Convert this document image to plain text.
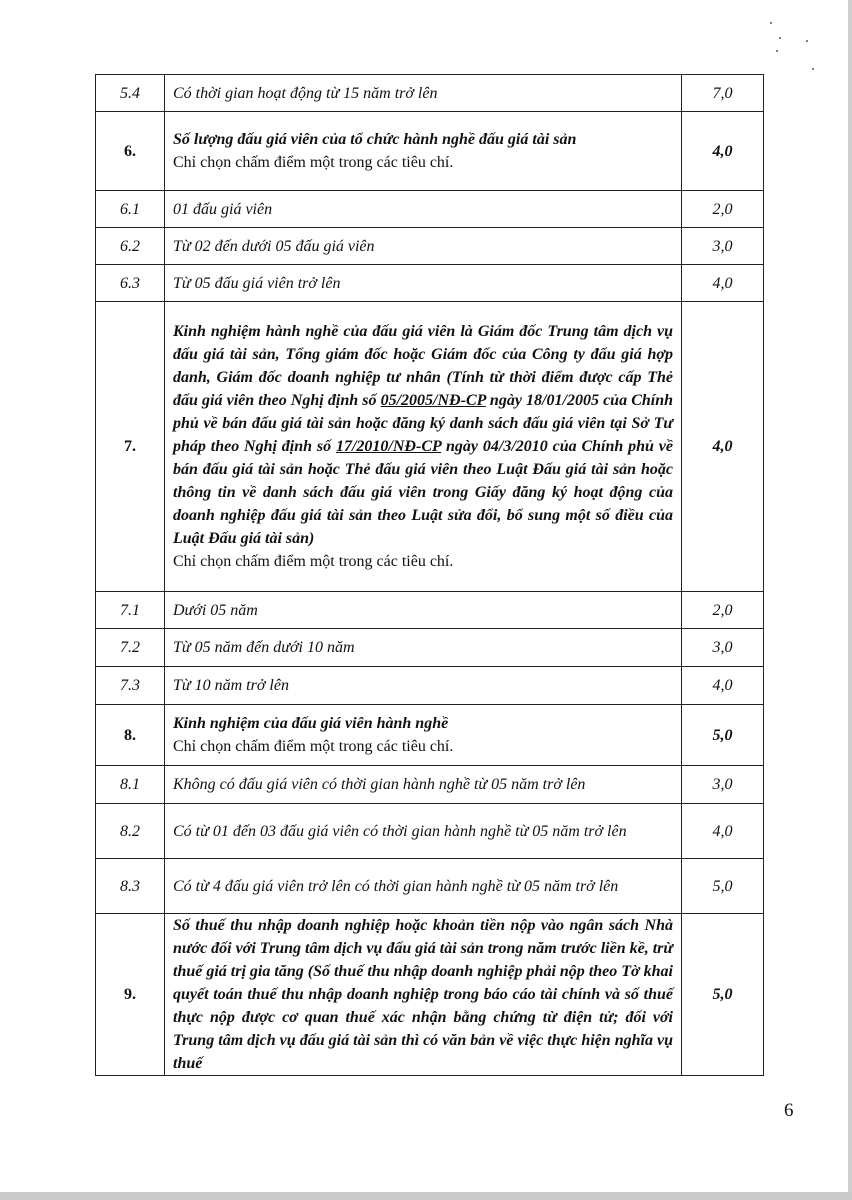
5.4	Có thời gian hoạt động từ 15 năm trở lên	7,0
6.	Số lượng đấu giá viên của tổ chức hành nghề đấu giá tài sản
Chỉ chọn chấm điểm một trong các tiêu chí.	4,0
6.1	01 đấu giá viên	2,0
6.2	Từ 02 đến dưới 05 đấu giá viên	3,0
6.3	Từ 05 đấu giá viên trở lên	4,0
7.	Kinh nghiệm hành nghề của đấu giá viên là Giám đốc Trung tâm dịch vụ đấu giá tài sản, Tổng giám đốc hoặc Giám đốc của Công ty đấu giá hợp danh, Giám đốc doanh nghiệp tư nhân (Tính từ thời điểm được cấp Thẻ đấu giá viên theo Nghị định số 05/2005/NĐ-CP ngày 18/01/2005 của Chính phủ về bán đấu giá tài sản hoặc đăng ký danh sách đấu giá viên tại Sở Tư pháp theo Nghị định số 17/2010/NĐ-CP ngày 04/3/2010 của Chính phủ về bán đấu giá tài sản hoặc Thẻ đấu giá viên theo Luật Đấu giá tài sản hoặc thông tin về danh sách đấu giá viên trong Giấy đăng ký hoạt động của doanh nghiệp đấu giá tài sản theo Luật sửa đổi, bổ sung một số điều của Luật Đấu giá tài sản)
Chỉ chọn chấm điểm một trong các tiêu chí.	4,0
7.1	Dưới 05 năm	2,0
7.2	Từ 05 năm đến dưới 10 năm	3,0
7.3	Từ 10 năm trở lên	4,0
8.	Kinh nghiệm của đấu giá viên hành nghề
Chỉ chọn chấm điểm một trong các tiêu chí.	5,0
8.1	Không có đấu giá viên có thời gian hành nghề từ 05 năm trở lên	3,0
8.2	Có từ 01 đến 03 đấu giá viên có thời gian hành nghề từ 05 năm trở lên	4,0
8.3	Có từ 4 đấu giá viên trở lên có thời gian hành nghề từ 05 năm trở lên	5,0
9.	Số thuế thu nhập doanh nghiệp hoặc khoản tiền nộp vào ngân sách Nhà nước đối với Trung tâm dịch vụ đấu giá tài sản trong năm trước liền kề, trừ thuế giá trị gia tăng (Số thuế thu nhập doanh nghiệp phải nộp theo Tờ khai quyết toán thuế thu nhập doanh nghiệp trong báo cáo tài chính và số thuế thực nộp được cơ quan thuế xác nhận bằng chứng từ điện tử; đối với Trung tâm dịch vụ đấu giá tài sản thì có văn bản về việc thực hiện nghĩa vụ thuế	5,0
6
